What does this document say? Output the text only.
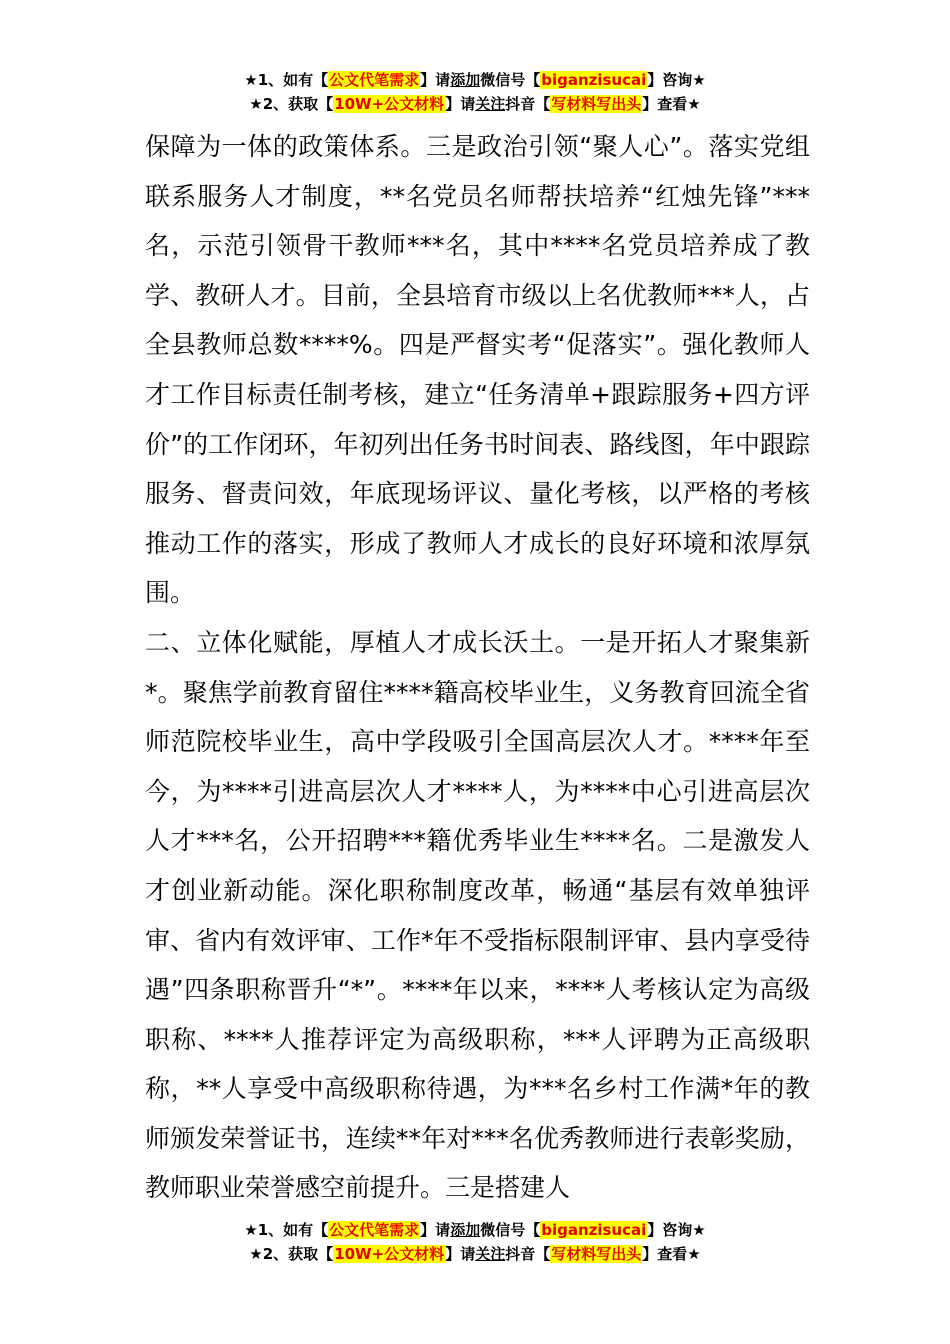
★1、如有【公文代笔需求】请添加微信号【biganzisucai】咨询★
★2、获取【10W+公文材料】请关注抖音【写材料写出头】查看★

保障为一体的政策体系。三是政治引领“聚人心”。落实党组联系服务人才制度，**名党员名师帮扶培养“红烛先锋”***名，示范引领骨干教师***名，其中****名党员培养成了教学、教研人才。目前，全县培育市级以上名优教师***人，占全县教师总数****%。四是严督实考“促落实”。强化教师人才工作目标责任制考核，建立“任务清单+跟踪服务+四方评价”的工作闭环，年初列出任务书时间表、路线图，年中跟踪服务、督责问效，年底现场评议、量化考核，以严格的考核推动工作的落实，形成了教师人才成长的良好环境和浓厚氛围。

二、立体化赋能，厚植人才成长沃土。一是开拓人才聚集新*。聚焦学前教育留住****籍高校毕业生，义务教育回流全省师范院校毕业生，高中学段吸引全国高层次人才。****年至今，为****引进高层次人才****人，为****中心引进高层次人才***名，公开招聘***籍优秀毕业生****名。二是激发人才创业新动能。深化职称制度改革，畅通“基层有效单独评审、省内有效评审、工作*年不受指标限制评审、县内享受待遇”四条职称晋升“*”。****年以来，****人考核认定为高级职称、****人推荐评定为高级职称，***人评聘为正高级职称，**人享受中高级职称待遇，为***名乡村工作满*年的教师颁发荣誉证书，连续**年对***名优秀教师进行表彰奖励，教师职业荣誉感空前提升。三是搭建人

★1、如有【公文代笔需求】请添加微信号【biganzisucai】咨询★
★2、获取【10W+公文材料】请关注抖音【写材料写出头】查看★
